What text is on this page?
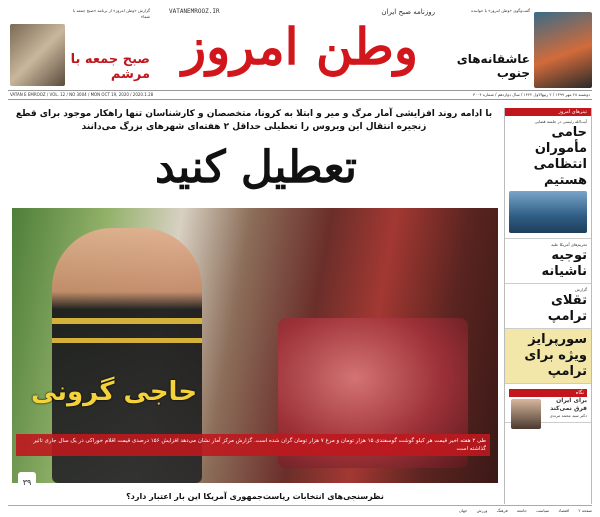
گزارش «وطن امروز» از برنامه «صبح جمعه با شما»
صبح جمعه با مرشم
VATANEMROOZ.IR	روزنامه صبح ایران
وطن امروز
گفت‌وگوی «وطن امروز» با خواننده
عاشقانه‌های جنوب
VATAN E EMROOZ / VOL. 12 / NO 3004 / MON OCT 19, 2020 / 2020.1.28	دوشنبه ۲۸ مهر ۱۳۹۹ / ۲ ربیع‌الاول ۱۴۴۲ / سال دوازدهم / شماره ۳۰۰۴
با ادامه روند افزایشی آمار مرگ و میر و ابتلا به کرونا، متخصصان و کارشناسان تنها راهکار موجود برای قطع زنجیره انتقال این ویروس را تعطیلی حداقل ۲ هفته‌ای شهرهای بزرگ می‌دانند
تعطیل کنید
حاجی گرونی
طی ۲ هفته اخیر قیمت هر کیلو گوشت گوسفندی ۱۵ هزار تومان و مرغ ۷ هزار تومان گران شده است. گزارش مرکز آمار نشان می‌دهد افزایش ۱۵۶ درصدی قیمت اقلام خوراکی در یک سال جاری تاثیر گذاشته است
۳۹
نظرسنجی‌های انتخابات ریاست‌جمهوری آمریکا این بار اعتبار دارد؟
صفحه ۲ اقتصاد سیاست جامعه فرهنگ ورزش جهان
تیترهای امروز
آیت‌الله رئیسی در جلسه قضایی
حامی مأموران انتظامی هستیم
تحریم‌های آمریکا علیه
توجیه ناشیانه
گزارش
تقلای ترامپ
سورپرایز ویژه برای ترامپ
نگاه
برای ایران فرق نمی‌کند
دکتر سید محمد مرندی
